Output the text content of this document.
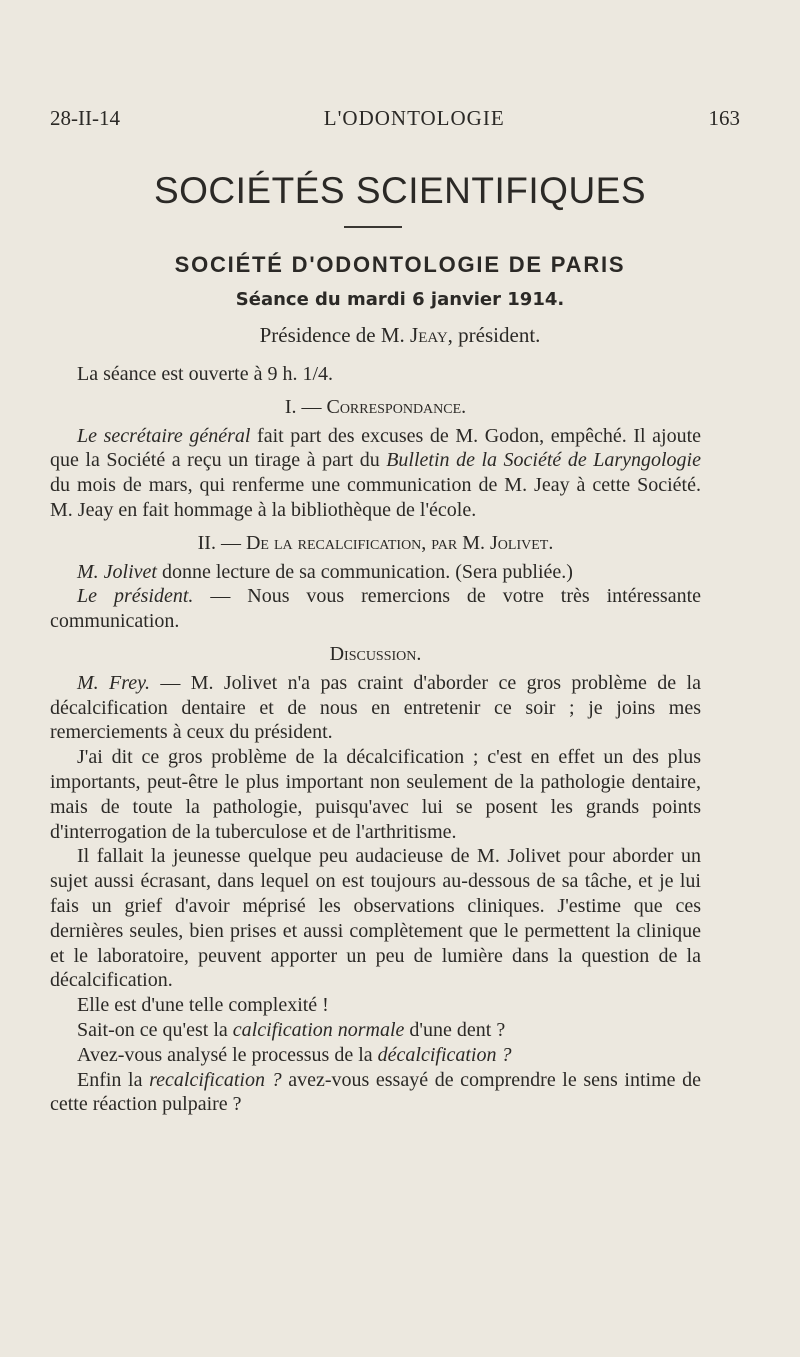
28-II-14	L'ODONTOLOGIE	163
SOCIÉTÉS SCIENTIFIQUES
SOCIÉTÉ D'ODONTOLOGIE DE PARIS
Séance du mardi 6 janvier 1914.
Présidence de M. Jeay, président.

La séance est ouverte à 9 h. 1/4.

I. — Correspondance.

Le secrétaire général fait part des excuses de M. Godon, empêché. Il ajoute que la Société a reçu un tirage à part du Bulletin de la Société de Laryngologie du mois de mars, qui renferme une communication de M. Jeay à cette Société. M. Jeay en fait hommage à la bibliothèque de l'école.

II. — De la recalcification, par M. Jolivet.

M. Jolivet donne lecture de sa communication. (Sera publiée.)

Le président. — Nous vous remercions de votre très intéressante communication.

Discussion.

M. Frey. — M. Jolivet n'a pas craint d'aborder ce gros problème de la décalcification dentaire et de nous en entretenir ce soir ; je joins mes remerciements à ceux du président.

J'ai dit ce gros problème de la décalcification ; c'est en effet un des plus importants, peut-être le plus important non seulement de la pathologie dentaire, mais de toute la pathologie, puisqu'avec lui se posent les grands points d'interrogation de la tuberculose et de l'arthritisme.

Il fallait la jeunesse quelque peu audacieuse de M. Jolivet pour aborder un sujet aussi écrasant, dans lequel on est toujours au-dessous de sa tâche, et je lui fais un grief d'avoir méprisé les observations cliniques. J'estime que ces dernières seules, bien prises et aussi complètement que le permettent la clinique et le laboratoire, peuvent apporter un peu de lumière dans la question de la décalcification.

Elle est d'une telle complexité !

Sait-on ce qu'est la calcification normale d'une dent ?

Avez-vous analysé le processus de la décalcification ?

Enfin la recalcification ? avez-vous essayé de comprendre le sens intime de cette réaction pulpaire ?
